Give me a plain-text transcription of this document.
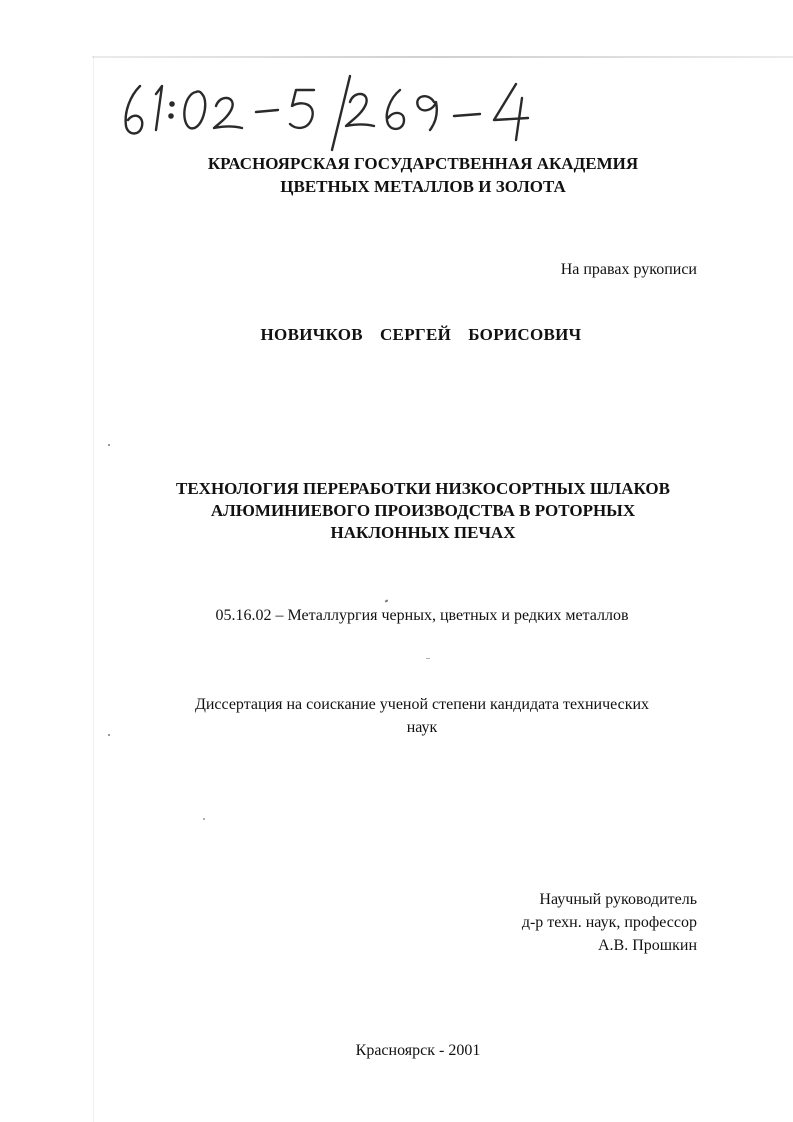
КРАСНОЯРСКАЯ ГОСУДАРСТВЕННАЯ АКАДЕМИЯ
ЦВЕТНЫХ МЕТАЛЛОВ И ЗОЛОТА
На правах рукописи
НОВИЧКОВ  СЕРГЕЙ  БОРИСОВИЧ
ТЕХНОЛОГИЯ ПЕРЕРАБОТКИ НИЗКОСОРТНЫХ ШЛАКОВ
АЛЮМИНИЕВОГО ПРОИЗВОДСТВА В РОТОРНЫХ
НАКЛОННЫХ ПЕЧАХ
05.16.02 – Металлургия черных, цветных и редких металлов
Диссертация на соискание ученой степени кандидата технических
наук
Научный руководитель
д-р техн. наук, профессор
А.В. Прошкин
Красноярск - 2001
